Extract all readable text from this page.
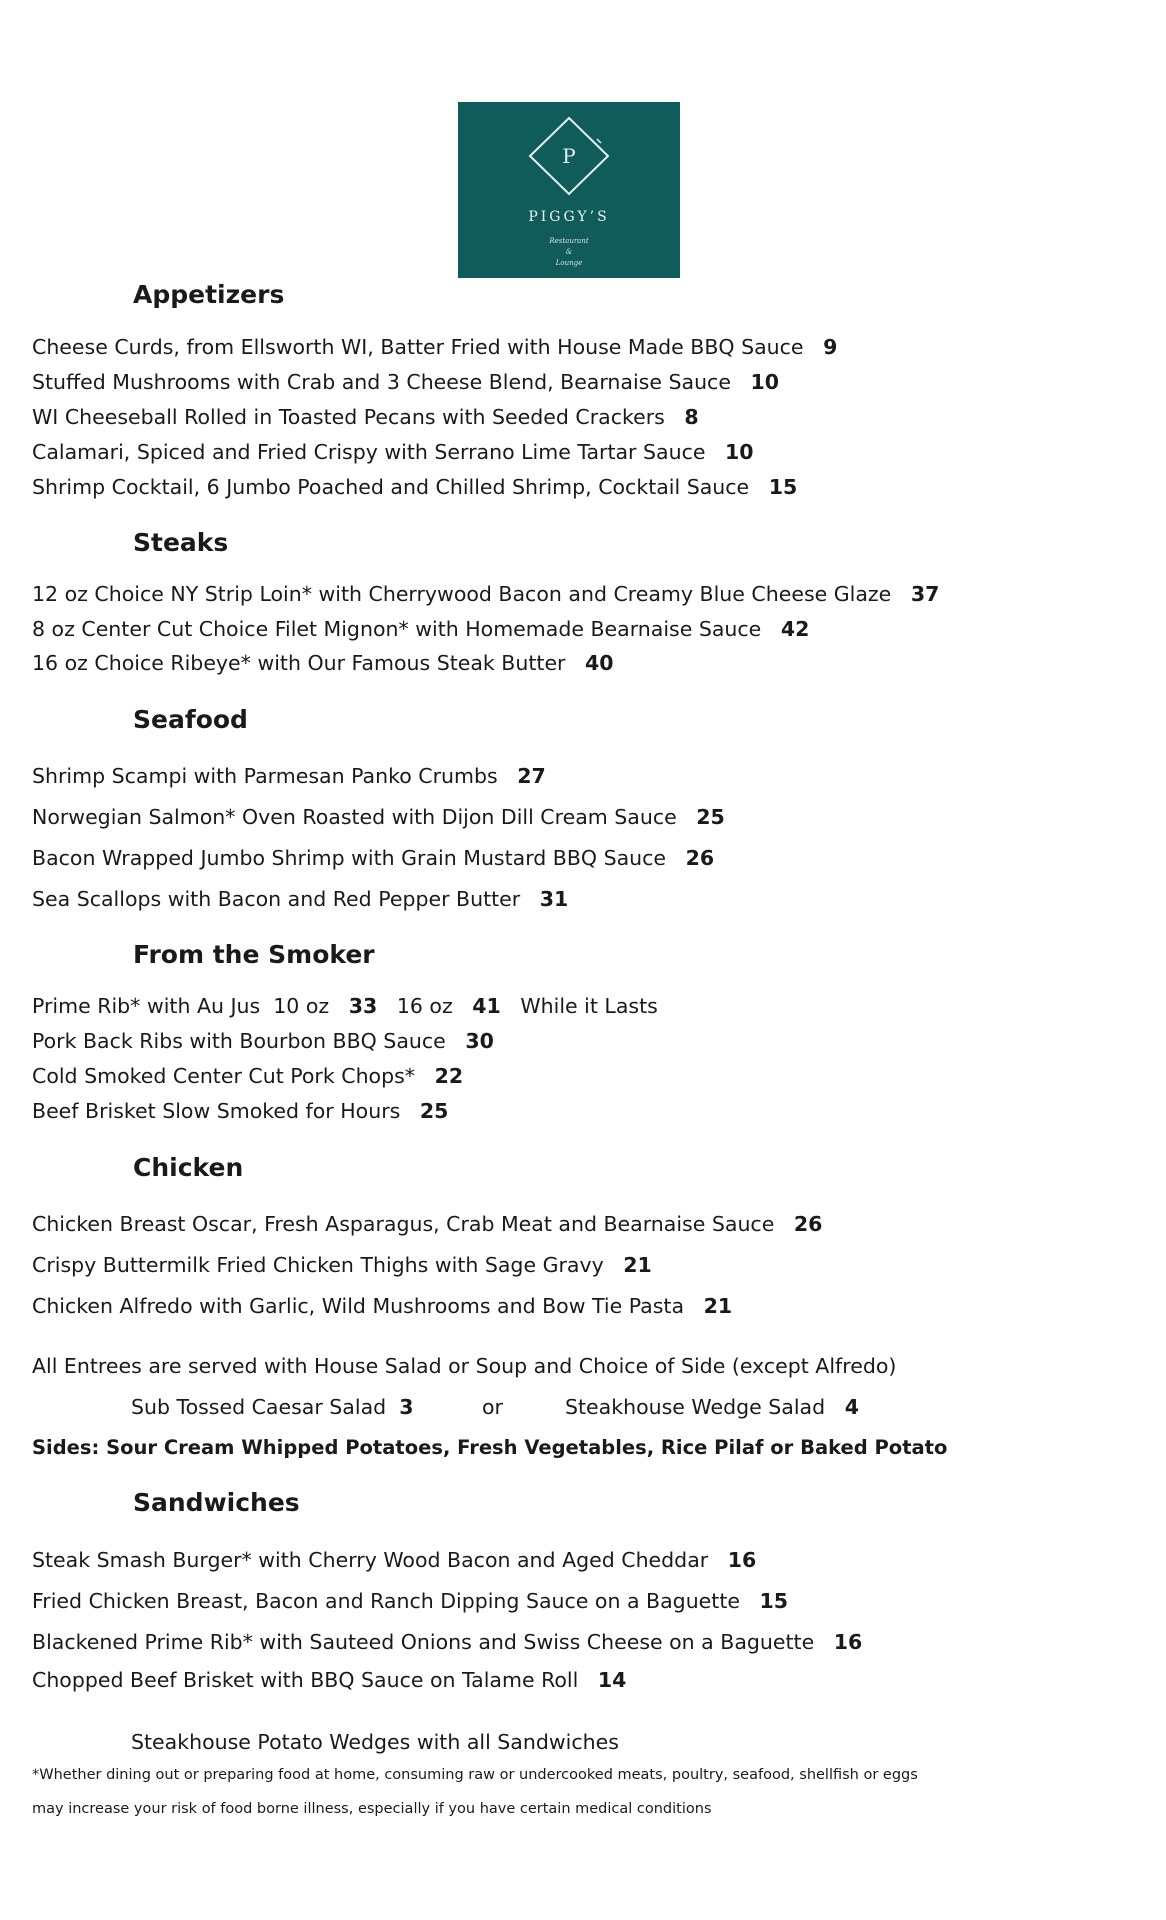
P
PIGGY’S
Restaurant
&
Lounge
Appetizers
Cheese Curds, from Ellsworth WI, Batter Fried with House Made BBQ Sauce 9
Stuffed Mushrooms with Crab and 3 Cheese Blend, Bearnaise Sauce 10
WI Cheeseball Rolled in Toasted Pecans with Seeded Crackers 8
Calamari, Spiced and Fried Crispy with Serrano Lime Tartar Sauce 10
Shrimp Cocktail, 6 Jumbo Poached and Chilled Shrimp, Cocktail Sauce 15
Steaks
12 oz Choice NY Strip Loin* with Cherrywood Bacon and Creamy Blue Cheese Glaze 37
8 oz Center Cut Choice Filet Mignon* with Homemade Bearnaise Sauce 42
16 oz Choice Ribeye* with Our Famous Steak Butter 40
Seafood
Shrimp Scampi with Parmesan Panko Crumbs 27
Norwegian Salmon* Oven Roasted with Dijon Dill Cream Sauce 25
Bacon Wrapped Jumbo Shrimp with Grain Mustard BBQ Sauce 26
Sea Scallops with Bacon and Red Pepper Butter 31
From the Smoker
Prime Rib* with Au Jus 10 oz 33 16 oz 41 While it Lasts
Pork Back Ribs with Bourbon BBQ Sauce 30
Cold Smoked Center Cut Pork Chops* 22
Beef Brisket Slow Smoked for Hours 25
Chicken
Chicken Breast Oscar, Fresh Asparagus, Crab Meat and Bearnaise Sauce 26
Crispy Buttermilk Fried Chicken Thighs with Sage Gravy 21
Chicken Alfredo with Garlic, Wild Mushrooms and Bow Tie Pasta 21
All Entrees are served with House Salad or Soup and Choice of Side (except Alfredo)
Sub Tossed Caesar Salad 3	or	Steakhouse Wedge Salad 4
Sides: Sour Cream Whipped Potatoes, Fresh Vegetables, Rice Pilaf or Baked Potato
Sandwiches
Steak Smash Burger* with Cherry Wood Bacon and Aged Cheddar 16
Fried Chicken Breast, Bacon and Ranch Dipping Sauce on a Baguette 15
Blackened Prime Rib* with Sauteed Onions and Swiss Cheese on a Baguette 16
Chopped Beef Brisket with BBQ Sauce on Talame Roll 14
Steakhouse Potato Wedges with all Sandwiches
*Whether dining out or preparing food at home, consuming raw or undercooked meats, poultry, seafood, shellfish or eggs
may increase your risk of food borne illness, especially if you have certain medical conditions
